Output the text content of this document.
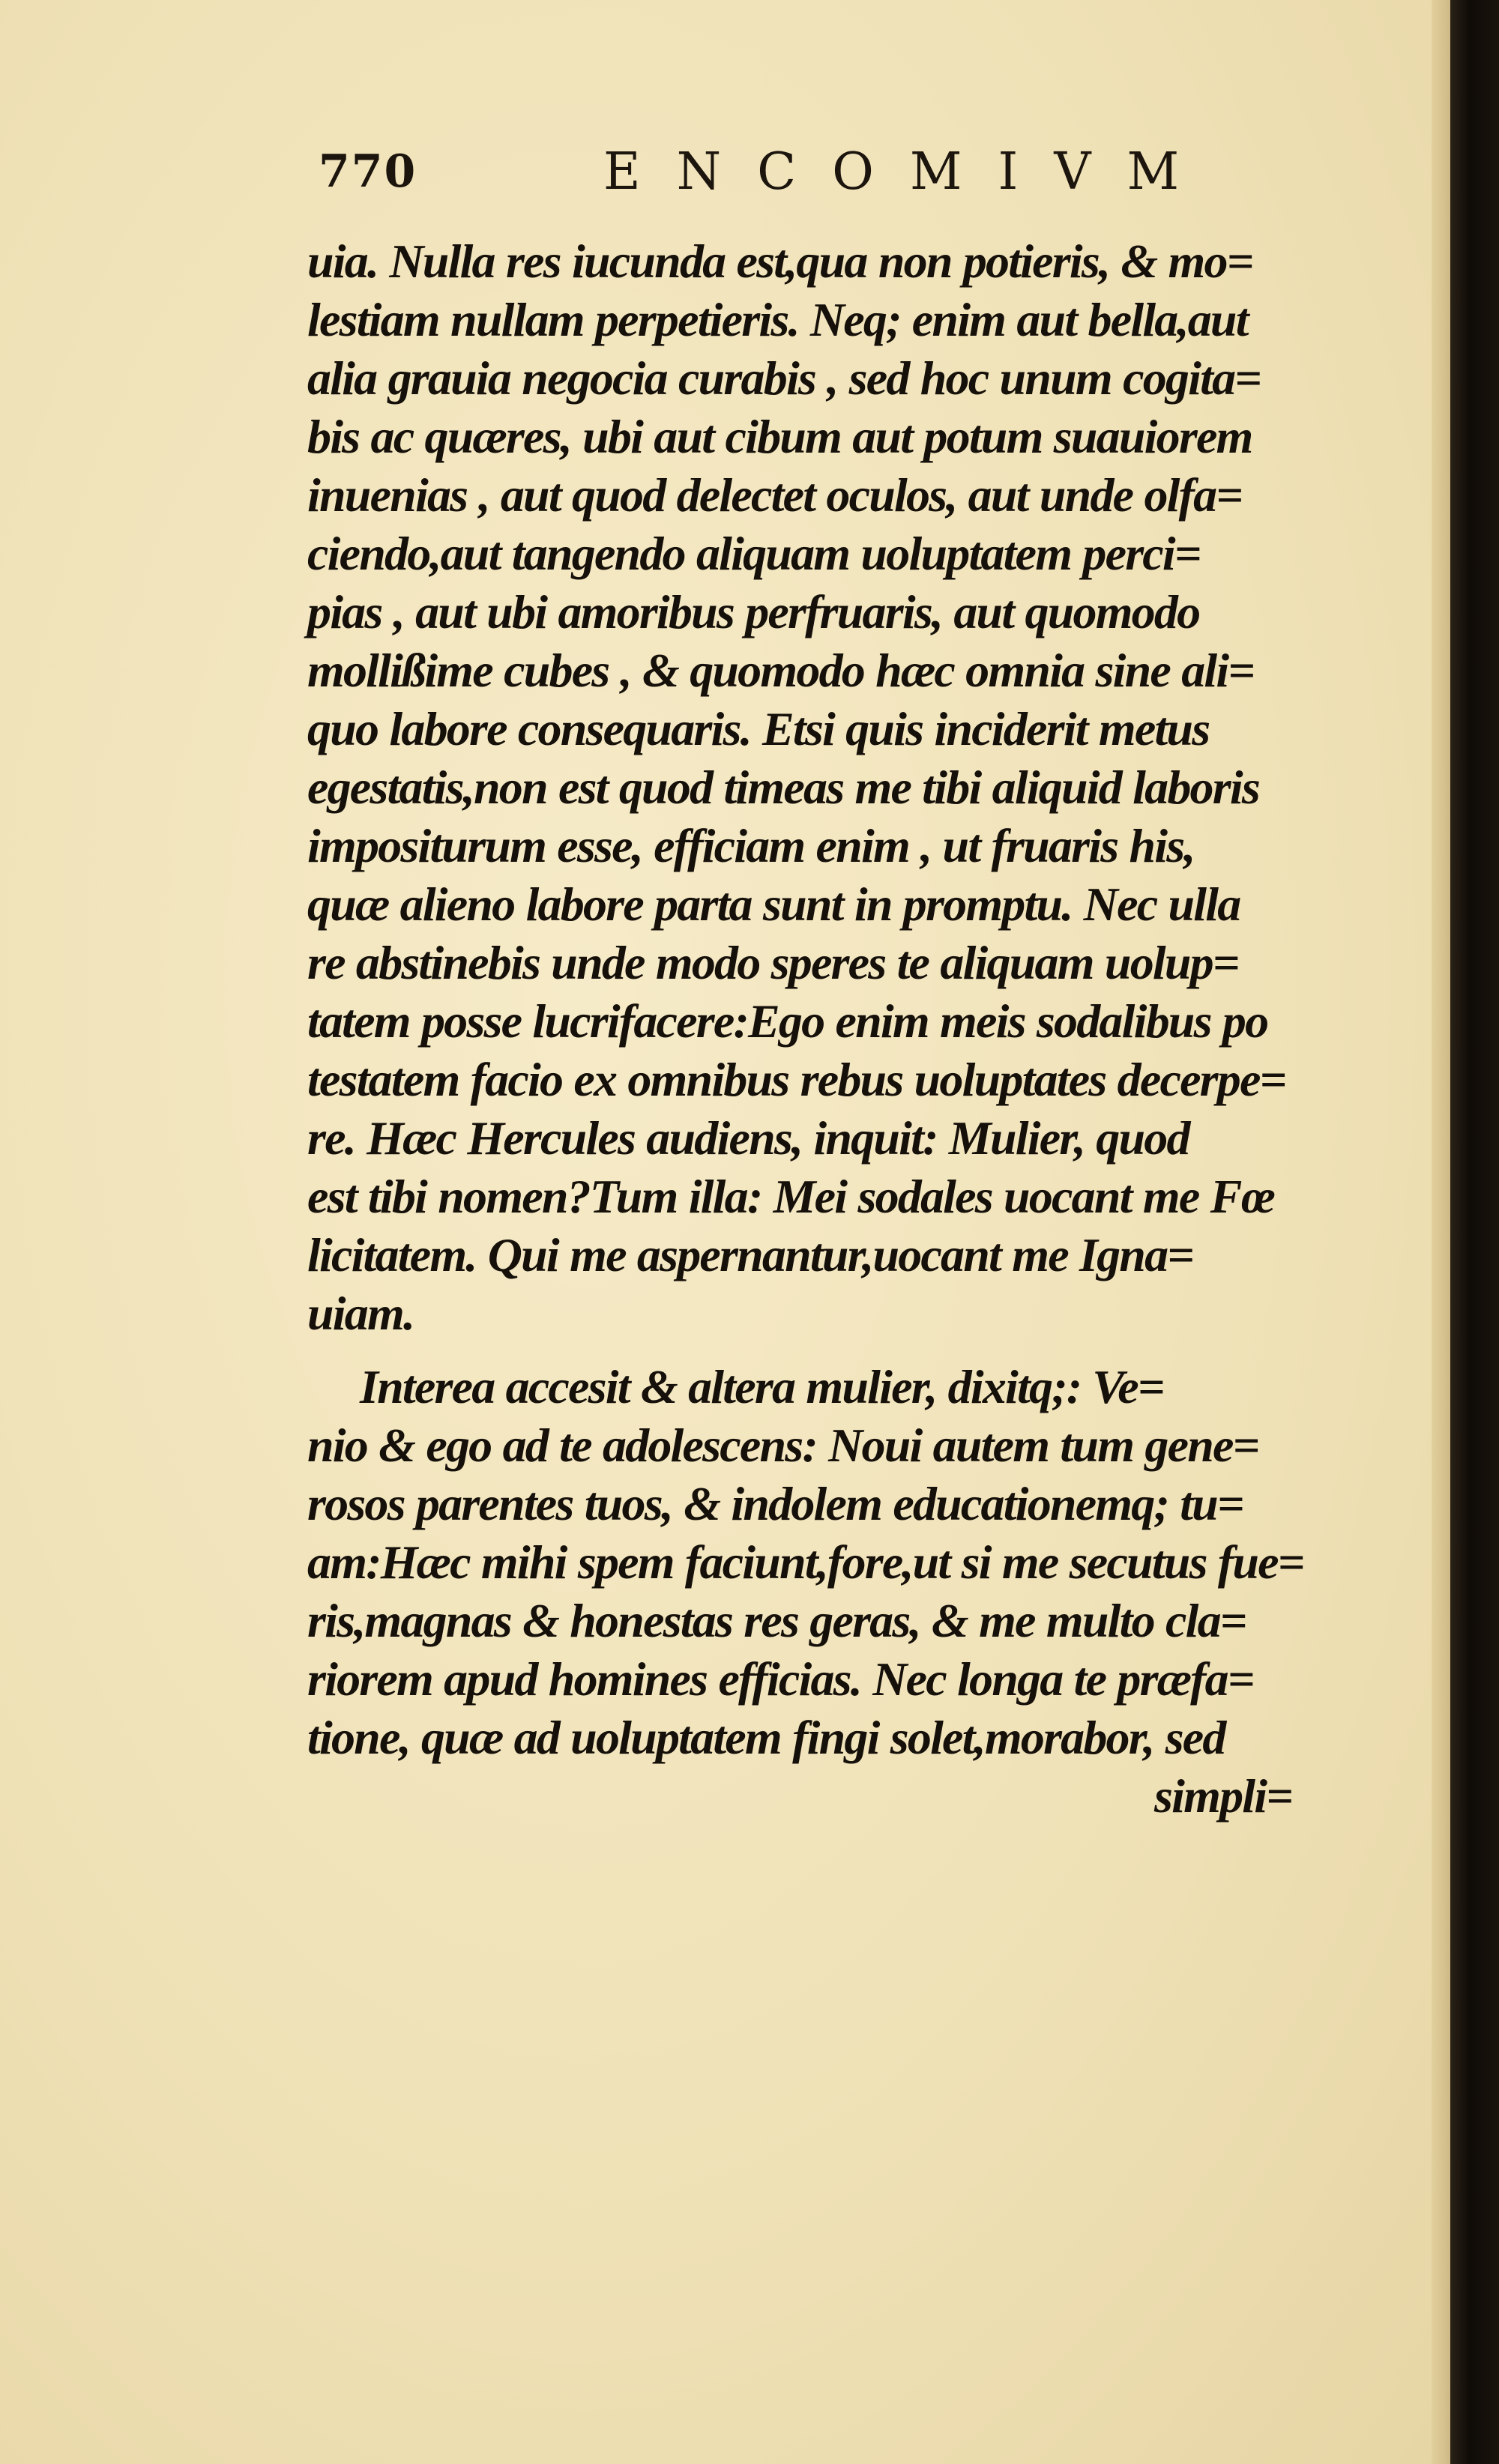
770	ENCOMIVM
uia. Nulla res iucunda est,qua non potieris, & mo=
lestiam nullam perpetieris. Neq; enim aut bella,aut
alia grauia negocia curabis , sed hoc unum cogita=
bis ac quæres, ubi aut cibum aut potum suauiorem
inuenias , aut quod delectet oculos, aut unde olfa=
ciendo,aut tangendo aliquam uoluptatem perci=
pias , aut ubi amoribus perfruaris, aut quomodo
mollißime cubes , & quomodo hæc omnia sine ali=
quo labore consequaris. Etsi quis inciderit metus
egestatis,non est quod timeas me tibi aliquid laboris
impositurum esse, efficiam enim , ut fruaris his,
quæ alieno labore parta sunt in promptu. Nec ulla
re abstinebis unde modo speres te aliquam uolup=
tatem posse lucrifacere:Ego enim meis sodalibus po
testatem facio ex omnibus rebus uoluptates decerpe=
re. Hæc Hercules audiens, inquit: Mulier, quod
est tibi nomen?Tum illa: Mei sodales uocant me Fœ
licitatem. Qui me aspernantur,uocant me Igna=
uiam.
Interea accesit & altera mulier, dixitq;: Ve=
nio & ego ad te adolescens: Noui autem tum gene=
rosos parentes tuos, & indolem educationemq; tu=
am:Hæc mihi spem faciunt,fore,ut si me secutus fue=
ris,magnas & honestas res geras, & me multo cla=
riorem apud homines efficias. Nec longa te præfa=
tione, quæ ad uoluptatem fingi solet,morabor, sed
simpli=
